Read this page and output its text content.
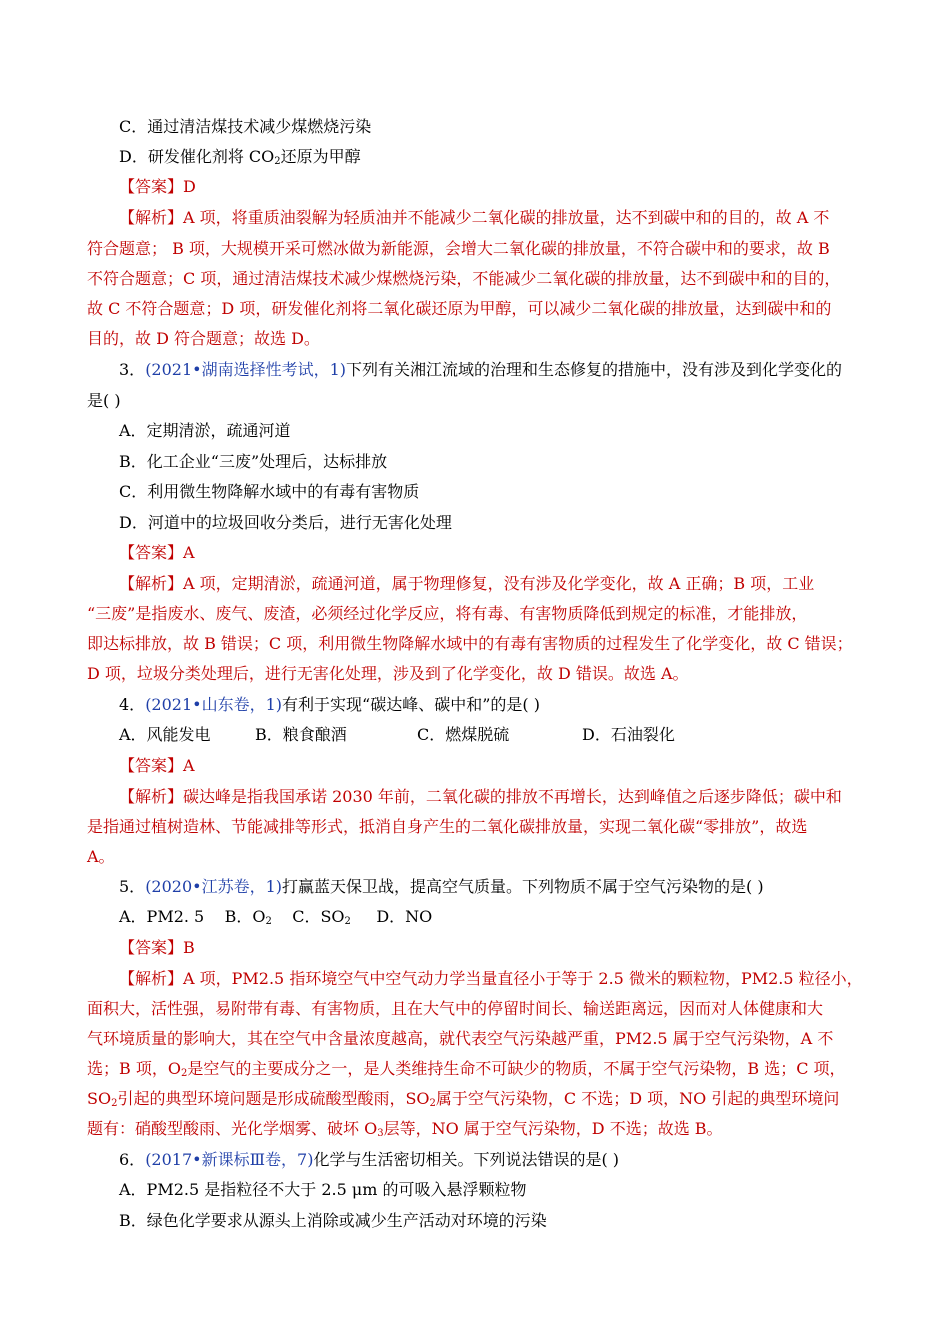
C．通过清洁煤技术减少煤燃烧污染
D．研发催化剂将 $CO_2$还原为甲醇
【答案】D
【解析】A 项，将重质油裂解为轻质油并不能减少二氧化碳的排放量，达不到碳中和的目的，故 A 不
符合题意； B 项，大规模开采可燃冰做为新能源，会增大二氧化碳的排放量，不符合碳中和的要求，故 B
不符合题意；C 项，通过清洁煤技术减少煤燃烧污染，不能减少二氧化碳的排放量，达不到碳中和的目的，
故 C 不符合题意；D 项，研发催化剂将二氧化碳还原为甲醇，可以减少二氧化碳的排放量，达到碳中和的
目的，故 D 符合题意；故选 D。
3．(2021•湖南选择性考试，1)下列有关湘江流域的治理和生态修复的措施中，没有涉及到化学变化的
是( )
A．定期清淤，疏通河道
B．化工企业“三废”处理后，达标排放
C．利用微生物降解水域中的有毒有害物质
D．河道中的垃圾回收分类后，进行无害化处理
【答案】A
【解析】A 项，定期清淤，疏通河道，属于物理修复，没有涉及化学变化，故 A 正确；B 项，工业
“三废”是指废水、废气、废渣，必须经过化学反应，将有毒、有害物质降低到规定的标准，才能排放，
即达标排放，故 B 错误；C 项，利用微生物降解水域中的有毒有害物质的过程发生了化学变化，故 C 错误；
D 项，垃圾分类处理后，进行无害化处理，涉及到了化学变化，故 D 错误。故选 A。
4．(2021•山东卷，1)有利于实现“碳达峰、碳中和”的是( )
A．风能发电	B．粮食酿酒	C．燃煤脱硫	D．石油裂化
【答案】A
【解析】碳达峰是指我国承诺 2030 年前，二氧化碳的排放不再增长，达到峰值之后逐步降低；碳中和
是指通过植树造林、节能减排等形式，抵消自身产生的二氧化碳排放量，实现二氧化碳“零排放”，故选
A。
5．(2020•江苏卷，1)打赢蓝天保卫战，提高空气质量。下列物质不属于空气污染物的是( )
A．PM2. 5 B．$O_2$ C．$SO_2$ D．NO
【答案】B
【解析】A 项，PM2.5 指环境空气中空气动力学当量直径小于等于 2.5 微米的颗粒物，PM2.5 粒径小，
面积大，活性强，易附带有毒、有害物质，且在大气中的停留时间长、输送距离远，因而对人体健康和大
气环境质量的影响大，其在空气中含量浓度越高，就代表空气污染越严重，PM2.5 属于空气污染物，A 不
选；B 项，$O_2$是空气的主要成分之一，是人类维持生命不可缺少的物质，不属于空气污染物，B 选；C 项，
$SO_2$引起的典型环境问题是形成硫酸型酸雨，$SO_2$属于空气污染物，C 不选；D 项，NO 引起的典型环境问
题有：硝酸型酸雨、光化学烟雾、破坏 $O_3$层等，NO 属于空气污染物，D 不选；故选 B。
6．(2017•新课标Ⅲ卷，7)化学与生活密切相关。下列说法错误的是( )
A．PM2.5 是指粒径不大于 2.5 μm 的可吸入悬浮颗粒物
B．绿色化学要求从源头上消除或减少生产活动对环境的污染
